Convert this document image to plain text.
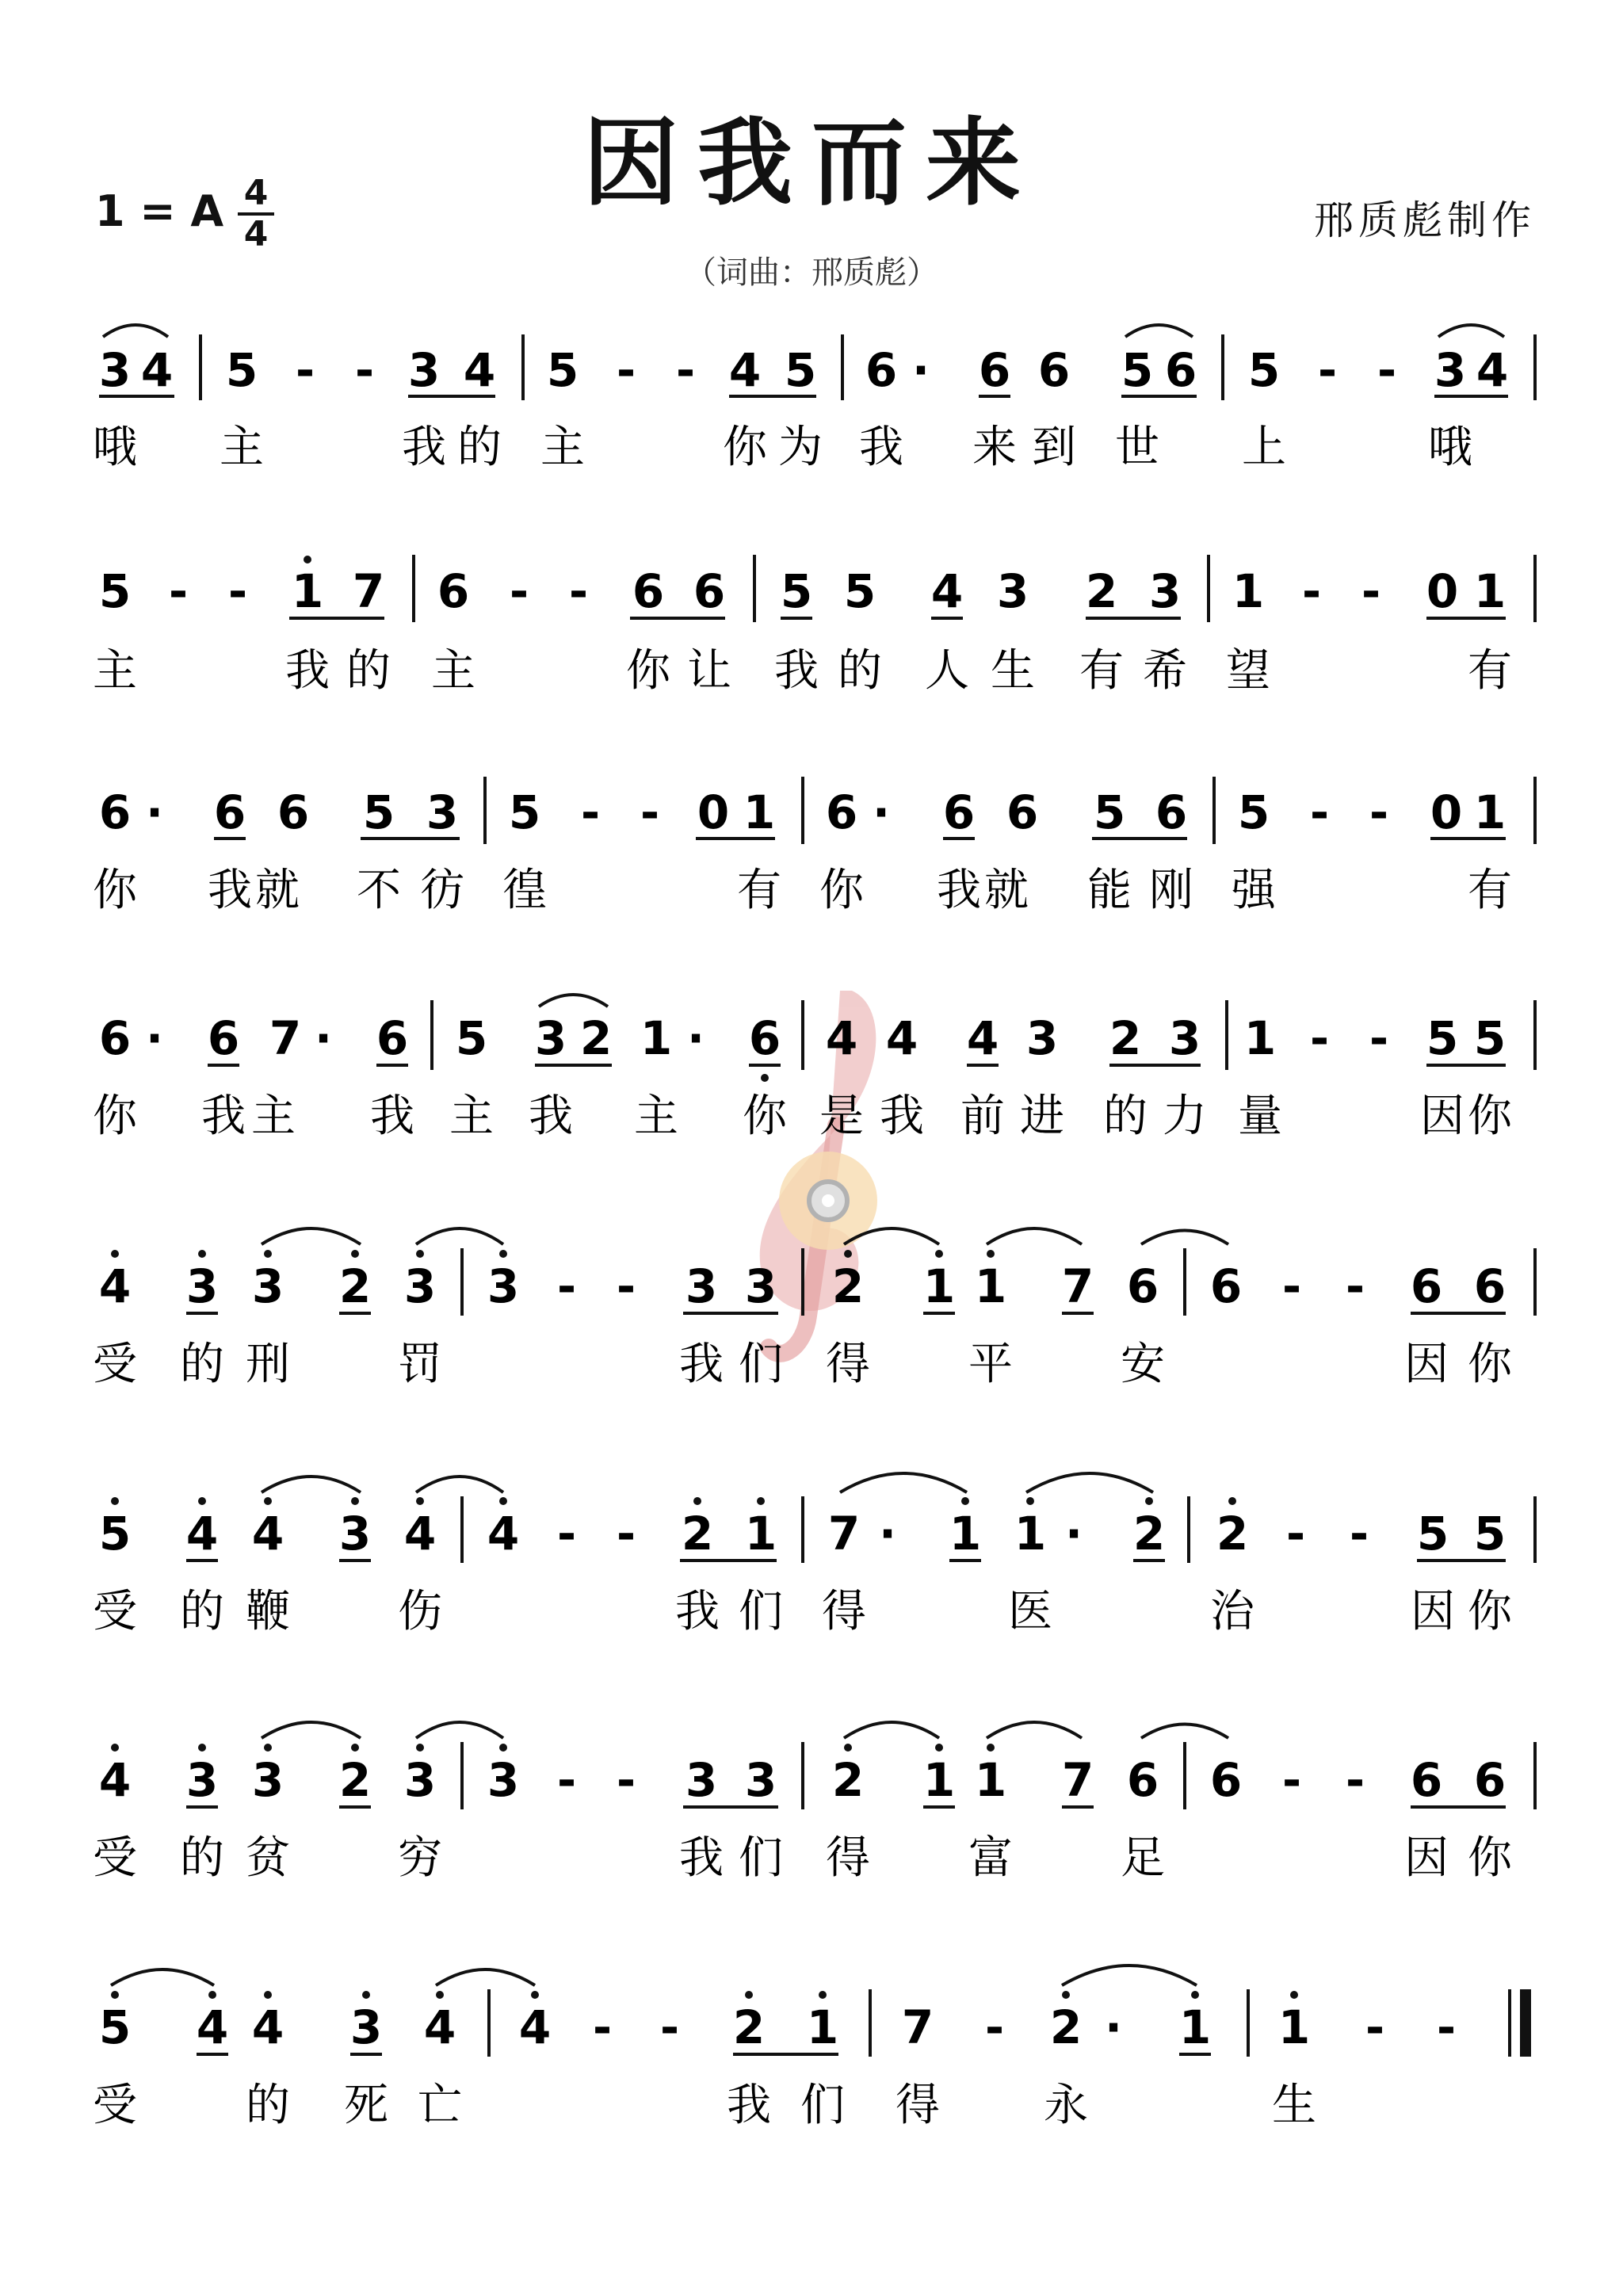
因我而来
1 = A 4
4	邢质彪制作
（词曲：邢质彪）
3 4 5 - - 3 4 5 - - 4 5 6 · 6 6 5 6 5 - - 3 4
哦 主	我 的 主	你 为 我 来 到 世 上	哦
5 - - 1 7 6 - - 6 6 5 5 4 3 2 3 1 - - 0 1
主	我 的 主	你 让 我 的 人 生 有 希 望	有
6 · 6 6 5 3 5 - - 0 1 6 · 6 6 5 6 5 - - 0 1
你 我 就 不 彷 徨	有 你 我 就 能 刚 强	有
6 · 6 7 · 6 5 3 2 1 · 6 4 4 4 3 2 3 1 - - 5 5
你 我 主 我 主 我 主 你 是 我 前 进 的 力 量	因 你
4 3 3 2 3 3 - - 3 3 2 1 1 7 6 6 - - 6 6
受 的 刑 罚	我 们 得 平 安	因 你
5 4 4 3 4 4 - - 2 1 7 · 1 1 · 2 2 - - 5 5
受 的 鞭 伤	我 们 得	医	治	因 你
4 3 3 2 3 3 - - 3 3 2 1 1 7 6 6 - - 6 6
受 的 贫 穷	我 们 得 富 足	因 你
5 4 4 3 4 4 - - 2 1 7 - 2 · 1 1 - -
受 的 死 亡	我 们 得 永	生
